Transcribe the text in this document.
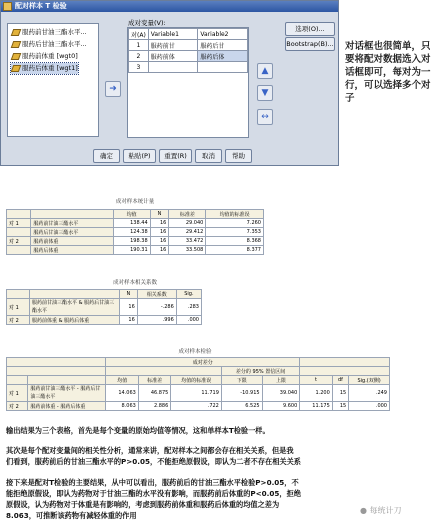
配对样本 T 检验
服药前甘油三酯水平...
服药后甘油三酯水平...
服药前体重 [wgt0]
服药后体重 [wgt1]
➜
成对变量(V):
对(A)	Variable1	Variable2
1	服药前甘	服药后甘
2	服药前体	服药后体
3			▲
▼
↔
选项(O)...
Bootstrap(B)...
确定	粘贴(P)	重置(R)	取消	帮助
对话框也很简单，只要将配对数据选入对话框即可，每对为一行，可以选择多个对子
成对样本统计量
		均值	N	标准差	均值的标准误
对 1	服药前甘油三酯水平	138.44	16	29.040	7.260
	服药后甘油三酯水平	124.38	16	29.412	7.353
对 2	服药前体重	198.38	16	33.472	8.368
	服药后体重	190.31	16	33.508	8.377
成对样本相关系数
		N	相关系数	Sig.
对 1	服药前甘油三酯水平 & 服药后甘油三酯水平	16	-.286	.283
对 2	服药前体重 & 服药后体重	16	.996	.000
成对样本检验
		成对差分							
					差分的 95% 置信区间				
		均值	标准差	均值的标准误	下限	上限	t	df	Sig.(双侧)
对 1	服药前甘油三酯水平 - 服药后甘油三酯水平	14.063	46.875	11.719	-10.915	39.040	1.200	15	.249
对 2	服药前体重 - 服药后体重	8.063	2.886	.722	6.525	9.600	11.175	15	.000
输出结果为三个表格，首先是每个变量的原始均值等情况，这和单样本T检验一样。
其次是每个配对变量间的相关性分析，通常来讲，配对样本之间都会存在相关关系，但是我
们看到，服药前后的甘油三酯水平的P>0.05，不能拒绝原假设，即认为二者不存在相关关系
接下来是配对T检验的主要结果，从中可以看出，服药前后的甘油三酯水平检验P>0.05，不
能拒绝原假设，即认为药物对于甘油三酯的水平没有影响，而服药前后体重的P<0.05，拒绝
原假设，认为药物对于体重是有影响的，考虑到服药前体重和服药后体重的均值之差为
8.063，可推断该药物有减轻体重的作用
● 每统计刀
